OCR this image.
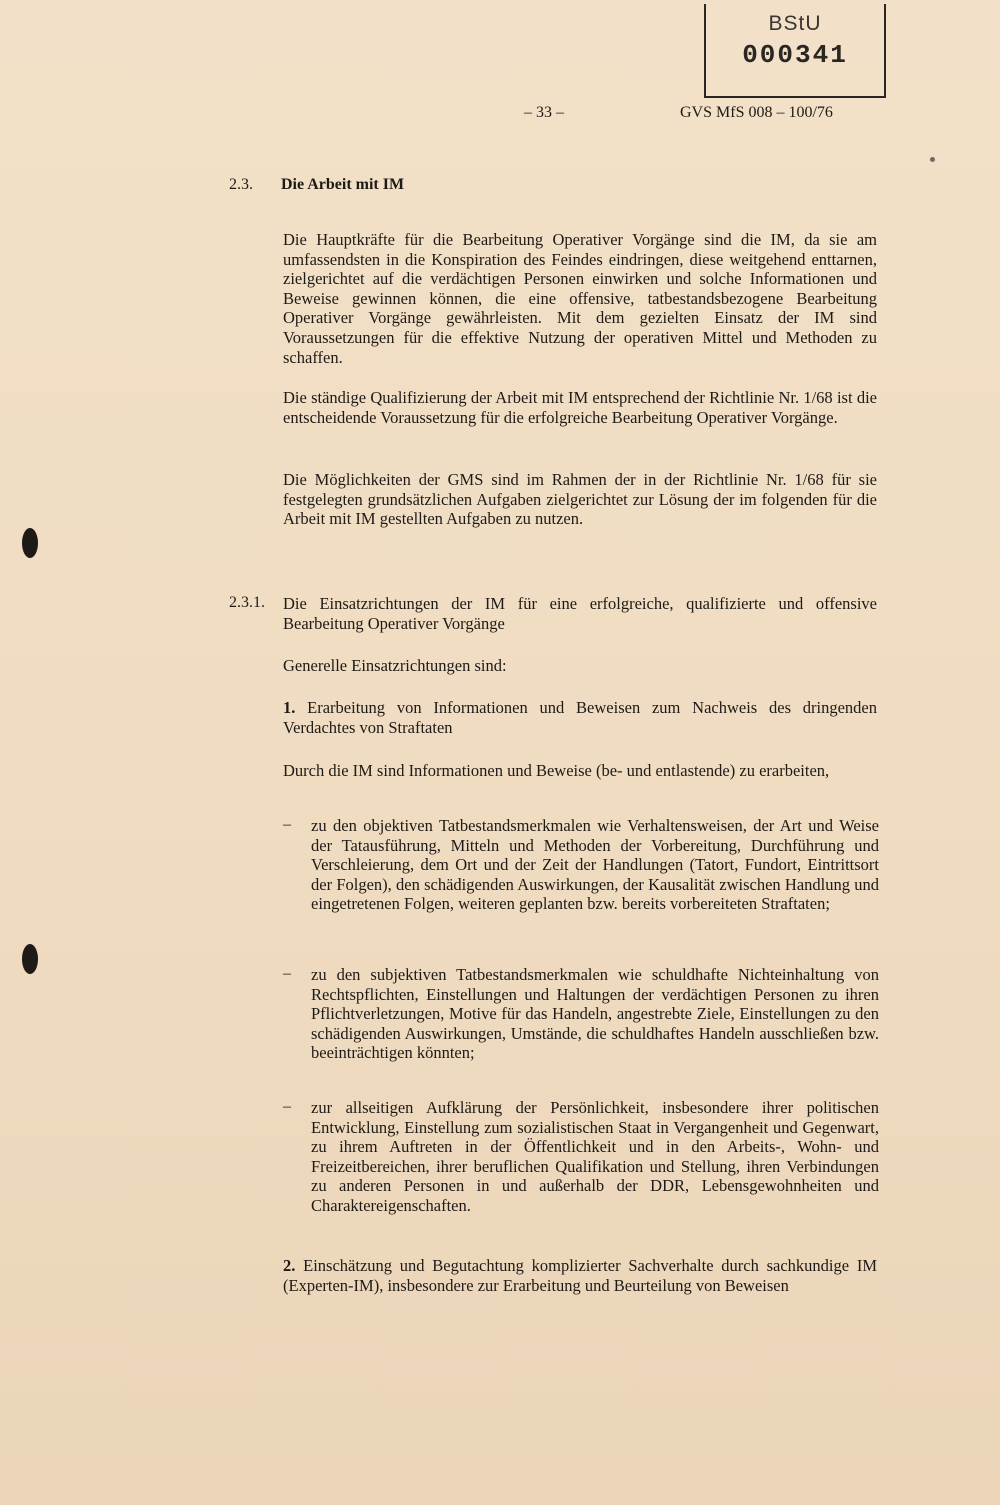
BStU
000341
– 33 –	GVS MfS 008 – 100/76
2.3. Die Arbeit mit IM
Die Hauptkräfte für die Bearbeitung Operativer Vorgänge sind die IM, da sie am umfassendsten in die Konspiration des Feindes eindringen, diese weitgehend enttarnen, zielgerichtet auf die verdächtigen Personen einwirken und solche Informationen und Beweise gewinnen können, die eine offensive, tatbestandsbezogene Bearbeitung Operativer Vorgänge gewährleisten. Mit dem gezielten Einsatz der IM sind Voraussetzungen für die effektive Nutzung der operativen Mittel und Methoden zu schaffen.
Die ständige Qualifizierung der Arbeit mit IM entsprechend der Richtlinie Nr. 1/68 ist die entscheidende Voraussetzung für die erfolgreiche Bearbeitung Operativer Vorgänge.
Die Möglichkeiten der GMS sind im Rahmen der in der Richtlinie Nr. 1/68 für sie festgelegten grundsätzlichen Aufgaben zielgerichtet zur Lösung der im folgenden für die Arbeit mit IM gestellten Aufgaben zu nutzen.
2.3.1. Die Einsatzrichtungen der IM für eine erfolgreiche, qualifizierte und offensive Bearbeitung Operativer Vorgänge
Generelle Einsatzrichtungen sind:
1. Erarbeitung von Informationen und Beweisen zum Nachweis des dringenden Verdachtes von Straftaten
Durch die IM sind Informationen und Beweise (be- und entlastende) zu erarbeiten,
– zu den objektiven Tatbestandsmerkmalen wie Verhaltensweisen, der Art und Weise der Tatausführung, Mitteln und Methoden der Vorbereitung, Durchführung und Verschleierung, dem Ort und der Zeit der Handlungen (Tatort, Fundort, Eintrittsort der Folgen), den schädigenden Auswirkungen, der Kausalität zwischen Handlung und eingetretenen Folgen, weiteren geplanten bzw. bereits vorbereiteten Straftaten;
– zu den subjektiven Tatbestandsmerkmalen wie schuldhafte Nichteinhaltung von Rechtspflichten, Einstellungen und Haltungen der verdächtigen Personen zu ihren Pflichtverletzungen, Motive für das Handeln, angestrebte Ziele, Einstellungen zu den schädigenden Auswirkungen, Umstände, die schuldhaftes Handeln ausschließen bzw. beeinträchtigen könnten;
– zur allseitigen Aufklärung der Persönlichkeit, insbesondere ihrer politischen Entwicklung, Einstellung zum sozialistischen Staat in Vergangenheit und Gegenwart, zu ihrem Auftreten in der Öffentlichkeit und in den Arbeits-, Wohn- und Freizeitbereichen, ihrer beruflichen Qualifikation und Stellung, ihren Verbindungen zu anderen Personen in und außerhalb der DDR, Lebensgewohnheiten und Charaktereigenschaften.
2. Einschätzung und Begutachtung komplizierter Sachverhalte durch sachkundige IM (Experten-IM), insbesondere zur Erarbeitung und Beurteilung von Beweisen
